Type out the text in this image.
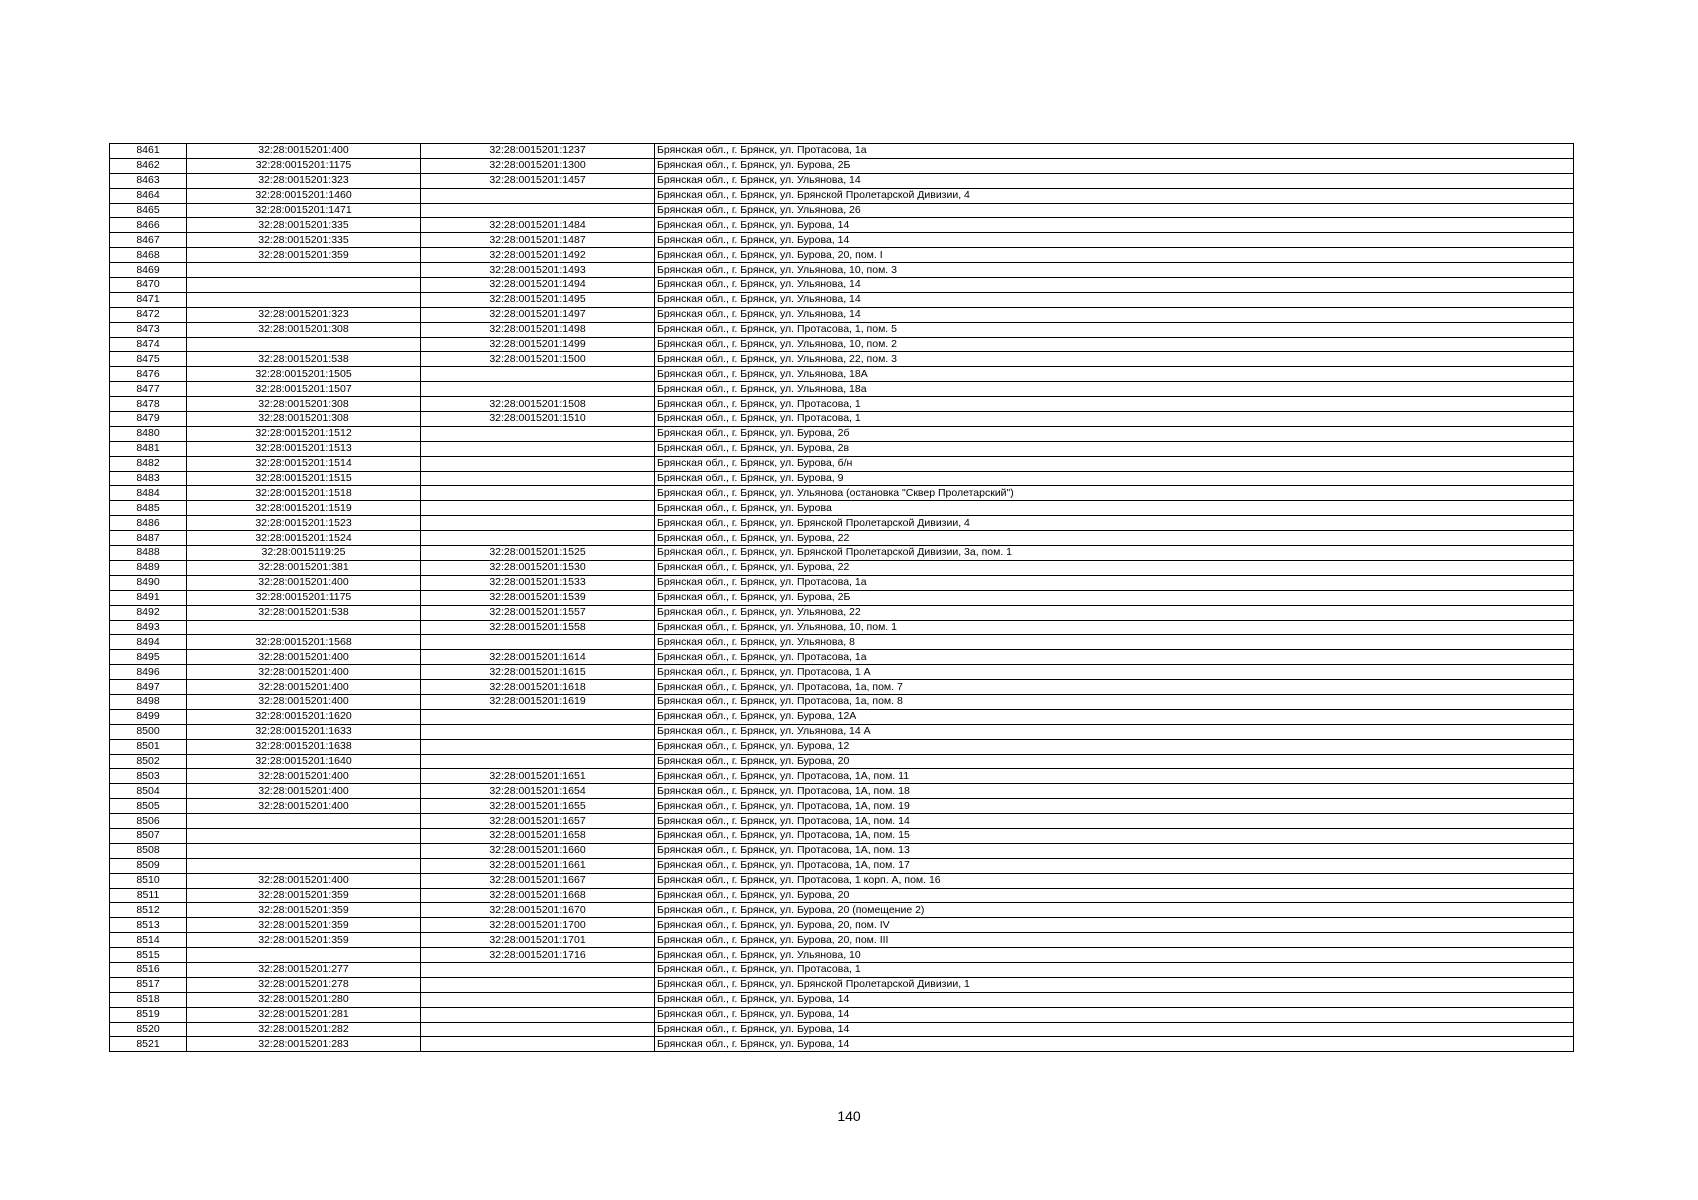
8461	32:28:0015201:400	32:28:0015201:1237	Брянская обл., г. Брянск, ул. Протасова, 1а
8462	32:28:0015201:1175	32:28:0015201:1300	Брянская обл., г. Брянск, ул. Бурова, 2Б
8463	32:28:0015201:323	32:28:0015201:1457	Брянская обл., г. Брянск, ул. Ульянова, 14
8464	32:28:0015201:1460		Брянская обл., г. Брянск, ул. Брянской Пролетарской Дивизии, 4
8465	32:28:0015201:1471		Брянская обл., г. Брянск, ул. Ульянова, 26
8466	32:28:0015201:335	32:28:0015201:1484	Брянская обл., г. Брянск, ул. Бурова, 14
8467	32:28:0015201:335	32:28:0015201:1487	Брянская обл., г. Брянск, ул. Бурова, 14
8468	32:28:0015201:359	32:28:0015201:1492	Брянская обл., г. Брянск, ул. Бурова, 20, пом. I
8469		32:28:0015201:1493	Брянская обл., г. Брянск, ул. Ульянова, 10, пом. 3
8470		32:28:0015201:1494	Брянская обл., г. Брянск, ул. Ульянова, 14
8471		32:28:0015201:1495	Брянская обл., г. Брянск, ул. Ульянова, 14
8472	32:28:0015201:323	32:28:0015201:1497	Брянская обл., г. Брянск, ул. Ульянова, 14
8473	32:28:0015201:308	32:28:0015201:1498	Брянская обл., г. Брянск, ул. Протасова, 1, пом. 5
8474		32:28:0015201:1499	Брянская обл., г. Брянск, ул. Ульянова, 10, пом. 2
8475	32:28:0015201:538	32:28:0015201:1500	Брянская обл., г. Брянск, ул. Ульянова, 22, пом. 3
8476	32:28:0015201:1505		Брянская обл., г. Брянск, ул. Ульянова, 18А
8477	32:28:0015201:1507		Брянская обл., г. Брянск, ул. Ульянова, 18а
8478	32:28:0015201:308	32:28:0015201:1508	Брянская обл., г. Брянск, ул. Протасова, 1
8479	32:28:0015201:308	32:28:0015201:1510	Брянская обл., г. Брянск, ул. Протасова, 1
8480	32:28:0015201:1512		Брянская обл., г. Брянск, ул. Бурова, 2б
8481	32:28:0015201:1513		Брянская обл., г. Брянск, ул. Бурова, 2в
8482	32:28:0015201:1514		Брянская обл., г. Брянск, ул. Бурова, б/н
8483	32:28:0015201:1515		Брянская обл., г. Брянск, ул. Бурова, 9
8484	32:28:0015201:1518		Брянская обл., г. Брянск, ул. Ульянова (остановка "Сквер Пролетарский")
8485	32:28:0015201:1519		Брянская обл., г. Брянск, ул. Бурова
8486	32:28:0015201:1523		Брянская обл., г. Брянск, ул. Брянской Пролетарской Дивизии, 4
8487	32:28:0015201:1524		Брянская обл., г. Брянск, ул. Бурова, 22
8488	32:28:0015119:25	32:28:0015201:1525	Брянская обл., г. Брянск, ул. Брянской Пролетарской Дивизии, 3а, пом. 1
8489	32:28:0015201:381	32:28:0015201:1530	Брянская обл., г. Брянск, ул. Бурова, 22
8490	32:28:0015201:400	32:28:0015201:1533	Брянская обл., г. Брянск, ул. Протасова, 1а
8491	32:28:0015201:1175	32:28:0015201:1539	Брянская обл., г. Брянск, ул. Бурова, 2Б
8492	32:28:0015201:538	32:28:0015201:1557	Брянская обл., г. Брянск, ул. Ульянова, 22
8493		32:28:0015201:1558	Брянская обл., г. Брянск, ул. Ульянова, 10, пом. 1
8494	32:28:0015201:1568		Брянская обл., г. Брянск, ул. Ульянова, 8
8495	32:28:0015201:400	32:28:0015201:1614	Брянская обл., г. Брянск, ул. Протасова, 1а
8496	32:28:0015201:400	32:28:0015201:1615	Брянская обл., г. Брянск, ул. Протасова, 1 А
8497	32:28:0015201:400	32:28:0015201:1618	Брянская обл., г. Брянск, ул. Протасова, 1а, пом. 7
8498	32:28:0015201:400	32:28:0015201:1619	Брянская обл., г. Брянск, ул. Протасова, 1а, пом. 8
8499	32:28:0015201:1620		Брянская обл., г. Брянск, ул. Бурова, 12А
8500	32:28:0015201:1633		Брянская обл., г. Брянск, ул. Ульянова, 14 А
8501	32:28:0015201:1638		Брянская обл., г. Брянск, ул. Бурова, 12
8502	32:28:0015201:1640		Брянская обл., г. Брянск, ул. Бурова, 20
8503	32:28:0015201:400	32:28:0015201:1651	Брянская обл., г. Брянск, ул. Протасова, 1А, пом. 11
8504	32:28:0015201:400	32:28:0015201:1654	Брянская обл., г. Брянск, ул. Протасова, 1А, пом. 18
8505	32:28:0015201:400	32:28:0015201:1655	Брянская обл., г. Брянск, ул. Протасова, 1А, пом. 19
8506		32:28:0015201:1657	Брянская обл., г. Брянск, ул. Протасова, 1А, пом. 14
8507		32:28:0015201:1658	Брянская обл., г. Брянск, ул. Протасова, 1А, пом. 15
8508		32:28:0015201:1660	Брянская обл., г. Брянск, ул. Протасова, 1А, пом. 13
8509		32:28:0015201:1661	Брянская обл., г. Брянск, ул. Протасова, 1А, пом. 17
8510	32:28:0015201:400	32:28:0015201:1667	Брянская обл., г. Брянск, ул. Протасова, 1 корп. А, пом. 16
8511	32:28:0015201:359	32:28:0015201:1668	Брянская обл., г. Брянск, ул. Бурова, 20
8512	32:28:0015201:359	32:28:0015201:1670	Брянская обл., г. Брянск, ул. Бурова, 20 (помещение 2)
8513	32:28:0015201:359	32:28:0015201:1700	Брянская обл., г. Брянск, ул. Бурова, 20, пом. IV
8514	32:28:0015201:359	32:28:0015201:1701	Брянская обл., г. Брянск, ул. Бурова, 20, пом. III
8515		32:28:0015201:1716	Брянская обл., г. Брянск, ул. Ульянова, 10
8516	32:28:0015201:277		Брянская обл., г. Брянск, ул. Протасова, 1
8517	32:28:0015201:278		Брянская обл., г. Брянск, ул. Брянской Пролетарской Дивизии, 1
8518	32:28:0015201:280		Брянская обл., г. Брянск, ул. Бурова, 14
8519	32:28:0015201:281		Брянская обл., г. Брянск, ул. Бурова, 14
8520	32:28:0015201:282		Брянская обл., г. Брянск, ул. Бурова, 14
8521	32:28:0015201:283		Брянская обл., г. Брянск, ул. Бурова, 14
140
